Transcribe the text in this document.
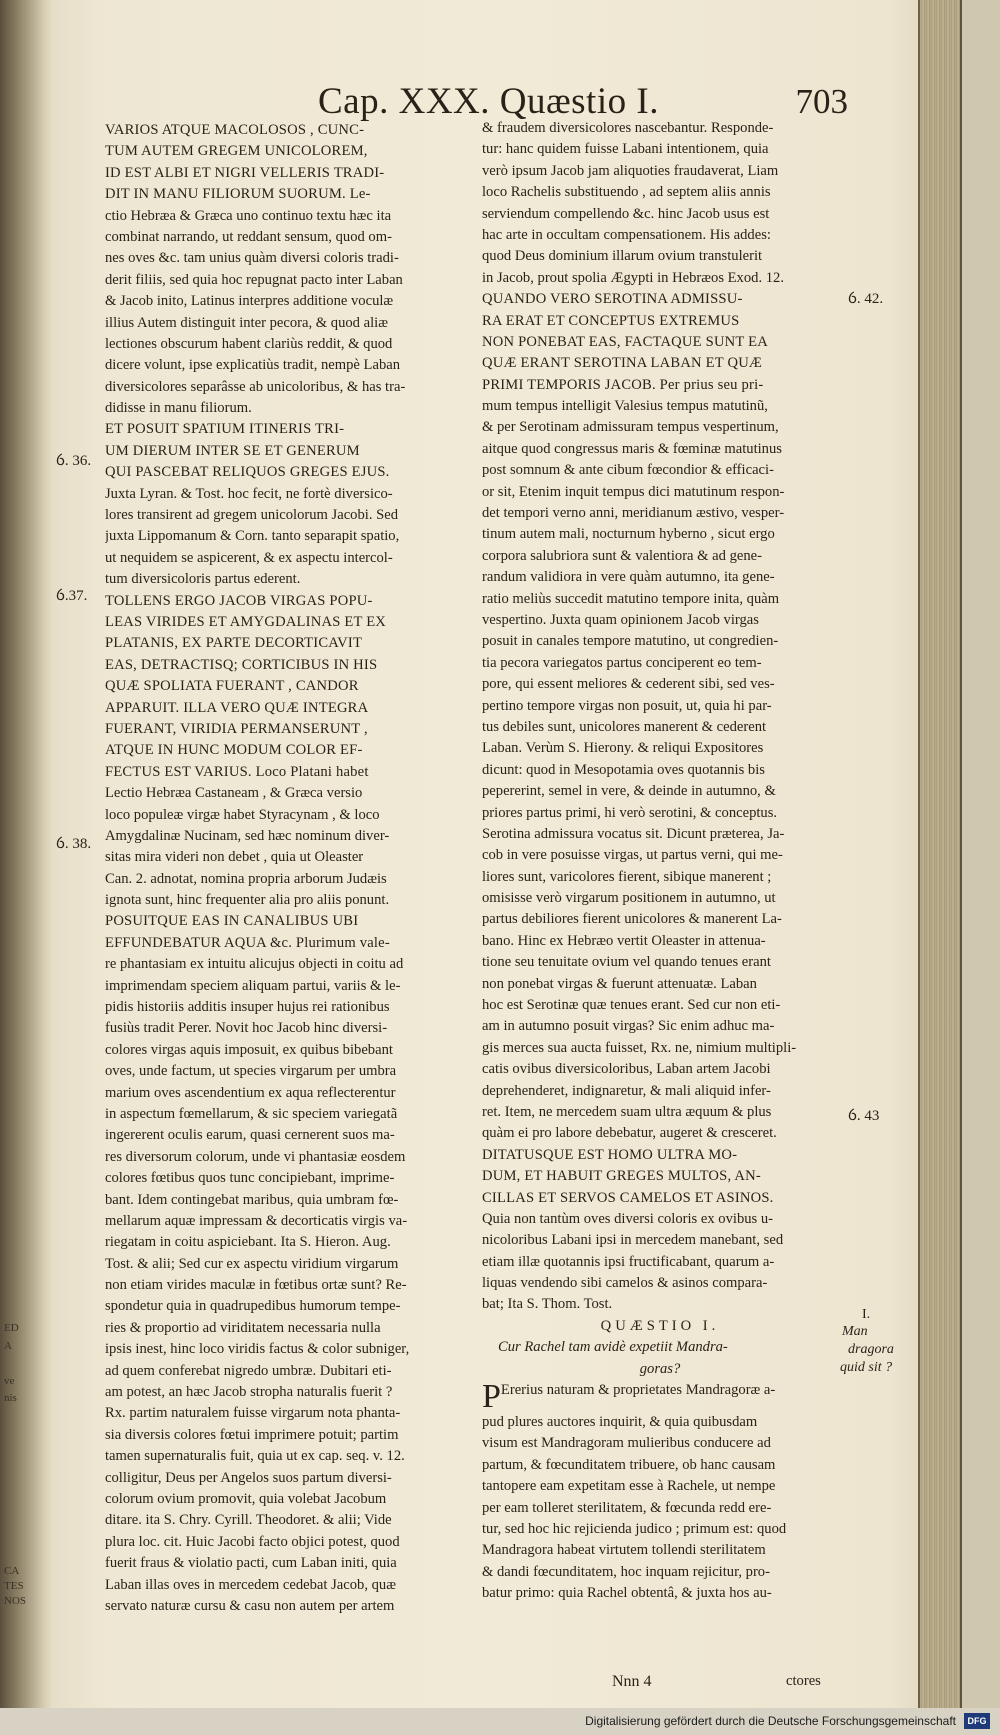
ED
A
ve
nis
CA
TES
NOS
Cap. XXX. Quæstio I.	703
VARIOS ATQUE MACOLOSOS , CUNC-
TUM AUTEM GREGEM UNICOLOREM,
ID EST ALBI ET NIGRI VELLERIS TRADI-
DIT IN MANU FILIORUM SUORUM. Le-
ctio Hebræa & Græca uno continuo textu hæc ita
combinat narrando, ut reddant sensum, quod om-
nes oves &c. tam unius quàm diversi coloris tradi-
derit filiis, sed quia hoc repugnat pacto inter Laban
& Jacob inito, Latinus interpres additione voculæ
illius Autem distinguit inter pecora, & quod aliæ
lectiones obscurum habent clariùs reddit, & quod
dicere volunt, ipse explicatiùs tradit, nempè Laban
diversicolores separâsse ab unicoloribus, & has tra-
didisse in manu filiorum.
ET POSUIT SPATIUM ITINERIS TRI-
UM DIERUM INTER SE ET GENERUM
QUI PASCEBAT RELIQUOS GREGES EJUS.
Juxta Lyran. & Tost. hoc fecit, ne fortè diversico-
lores transirent ad gregem unicolorum Jacobi. Sed
juxta Lippomanum & Corn. tanto separapit spatio,
ut nequidem se aspicerent, & ex aspectu intercol-
tum diversicoloris partus ederent.
TOLLENS ERGO JACOB VIRGAS POPU-
LEAS VIRIDES ET AMYGDALINAS ET EX
PLATANIS, EX PARTE DECORTICAVIT
EAS, DETRACTISQ; CORTICIBUS IN HIS
QUÆ SPOLIATA FUERANT , CANDOR
APPARUIT. ILLA VERO QUÆ INTEGRA
FUERANT, VIRIDIA PERMANSERUNT ,
ATQUE IN HUNC MODUM COLOR EF-
FECTUS EST VARIUS. Loco Platani habet
Lectio Hebræa Castaneam , & Græca versio
loco populeæ virgæ habet Styracynam , & loco
Amygdalinæ Nucinam, sed hæc nominum diver-
sitas mira videri non debet , quia ut Oleaster
Can. 2. adnotat, nomina propria arborum Judæis
ignota sunt, hinc frequenter alia pro aliis ponunt.
POSUITQUE EAS IN CANALIBUS UBI
EFFUNDEBATUR AQUA &c. Plurimum vale-
re phantasiam ex intuitu alicujus objecti in coitu ad
imprimendam speciem aliquam partui, variis & le-
pidis historiis additis insuper hujus rei rationibus
fusiùs tradit Perer. Novit hoc Jacob hinc diversi-
colores virgas aquis imposuit, ex quibus bibebant
oves, unde factum, ut species virgarum per umbra
marium oves ascendentium ex aqua reflecterentur
in aspectum fœmellarum, & sic speciem variegatã
ingererent oculis earum, quasi cernerent suos ma-
res diversorum colorum, unde vi phantasiæ eosdem
colores fœtibus quos tunc concipiebant, imprime-
bant. Idem contingebat maribus, quia umbram fœ-
mellarum aquæ impressam & decorticatis virgis va-
riegatam in coitu aspiciebant. Ita S. Hieron. Aug.
Tost. & alii; Sed cur ex aspectu viridium virgarum
non etiam virides maculæ in fœtibus ortæ sunt? Re-
spondetur quia in quadrupedibus humorum tempe-
ries & proportio ad viriditatem necessaria nulla
ipsis inest, hinc loco viridis factus & color subniger,
ad quem conferebat nigredo umbræ. Dubitari eti-
am potest, an hæc Jacob stropha naturalis fuerit ?
Rx. partim naturalem fuisse virgarum nota phanta-
sia diversis colores fœtui imprimere potuit; partim
tamen supernaturalis fuit, quia ut ex cap. seq. v. 12.
colligitur, Deus per Angelos suos partum diversi-
colorum ovium promovit, quia volebat Jacobum
ditare. ita S. Chry. Cyrill. Theodoret. & alii; Vide
plura loc. cit. Huic Jacobi facto objici potest, quod
fuerit fraus & violatio pacti, cum Laban initi, quia
Laban illas oves in mercedem cedebat Jacob, quæ
servato naturæ cursu & casu non autem per artem
& fraudem diversicolores nascebantur. Responde-
tur: hanc quidem fuisse Labani intentionem, quia
verò ipsum Jacob jam aliquoties fraudaverat, Liam
loco Rachelis substituendo , ad septem aliis annis
serviendum compellendo &c. hinc Jacob usus est
hac arte in occultam compensationem. His addes:
quod Deus dominium illarum ovium transtulerit
in Jacob, prout spolia Ægypti in Hebræos Exod. 12.
QUANDO VERO SEROTINA ADMISSU-
RA ERAT ET CONCEPTUS EXTREMUS
NON PONEBAT EAS, FACTAQUE SUNT EA
QUÆ ERANT SEROTINA LABAN ET QUÆ
PRIMI TEMPORIS JACOB. Per prius seu pri-
mum tempus intelligit Valesius tempus matutinũ,
& per Serotinam admissuram tempus vespertinum,
aitque quod congressus maris & fœminæ matutinus
post somnum & ante cibum fœcondior & efficaci-
or sit, Etenim inquit tempus dici matutinum respon-
det tempori verno anni, meridianum æstivo, vesper-
tinum autem mali, nocturnum hyberno , sicut ergo
corpora salubriora sunt & valentiora & ad gene-
randum validiora in vere quàm autumno, ita gene-
ratio meliùs succedit matutino tempore inita, quàm
vespertino. Juxta quam opinionem Jacob virgas
posuit in canales tempore matutino, ut congredien-
tia pecora variegatos partus conciperent eo tem-
pore, qui essent meliores & cederent sibi, sed ves-
pertino tempore virgas non posuit, ut, quia hi par-
tus debiles sunt, unicolores manerent & cederent
Laban. Verùm S. Hierony. & reliqui Expositores
dicunt: quod in Mesopotamia oves quotannis bis
pepererint, semel in vere, & deinde in autumno, &
priores partus primi, hi verò serotini, & conceptus.
Serotina admissura vocatus sit. Dicunt præterea, Ja-
cob in vere posuisse virgas, ut partus verni, qui me-
liores sunt, varicolores fierent, sibique manerent ;
omisisse verò virgarum positionem in autumno, ut
partus debiliores fierent unicolores & manerent La-
bano. Hinc ex Hebræo vertit Oleaster in attenua-
tione seu tenuitate ovium vel quando tenues erant
non ponebat virgas & fuerunt attenuatæ. Laban
hoc est Serotinæ quæ tenues erant. Sed cur non eti-
am in autumno posuit virgas? Sic enim adhuc ma-
gis merces sua aucta fuisset, Rx. ne, nimium multipli-
catis ovibus diversicoloribus, Laban artem Jacobi
deprehenderet, indignaretur, & mali aliquid infer-
ret. Item, ne mercedem suam ultra æquum & plus
quàm ei pro labore debebatur, augeret & cresceret.
DITATUSQUE EST HOMO ULTRA MO-
DUM, ET HABUIT GREGES MULTOS, AN-
CILLAS ET SERVOS CAMELOS ET ASINOS.
Quia non tantùm oves diversi coloris ex ovibus u-
nicoloribus Labani ipsi in mercedem manebant, sed
etiam illæ quotannis ipsi fructificabant, quarum a-
liquas vendendo sibi camelos & asinos compara-
bat; Ita S. Thom. Tost.
QUÆSTIO I.
Cur Rachel tam avidè expetiit Mandra-
goras?
PErerius naturam & proprietates Mandragoræ a-
pud plures auctores inquirit, & quia quibusdam
visum est Mandragoram mulieribus conducere ad
partum, & fœcunditatem tribuere, ob hanc causam
tantopere eam expetitam esse à Rachele, ut nempe
per eam tolleret sterilitatem, & fœcunda redd ere-
tur, sed hoc hic rejicienda judico ; primum est: quod
Mandragora habeat virtutem tollendi sterilitatem
& dandi fœcunditatem, hoc inquam rejicitur, pro-
batur primo: quia Rachel obtentâ, & juxta hos au-
ỽ. 36.
ỽ.37.
ỽ. 38.
ỽ. 42.
ỽ. 43
I.
Man
dragora
quid sit ?
Nnn 4	ctores
Digitalisierung gefördert durch die Deutsche Forschungsgemeinschaft	DFG
